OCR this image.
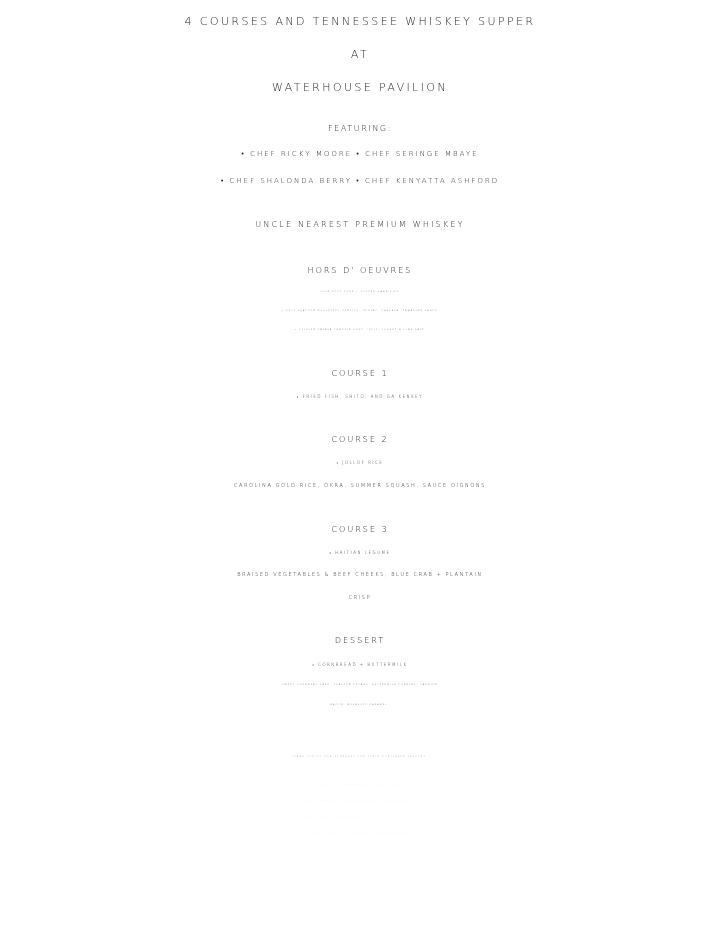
4 COURSES AND TENNESSEE WHISKEY SUPPER
AT
WATERHOUSE PAVILION
FEATURING:
• CHEF RICKY MOORE • CHEF SERINGE MBAYE
• CHEF SHALONDA BERRY • CHEF KENYATTA ASHFORD
UNCLE NEAREST PREMIUM WHISKEY
HORS D' OEUVRES
•OLD SPOT PORK + OYSTER HAND PIES
• GULF SEAFOOD BOULETTES-REDFISH, SHRIMP, CASSAVA, TAMARIND SAUCE
• CHILLED PAPAYA-PUMPKIN SOUP, 'EPIS' YOGURT & LIME SALT
COURSE 1
• FRIED FISH, SHITO, AND GA KENKEY
COURSE 2
• JOLLOF RICE
CAROLINA GOLD RICE, OKRA, SUMMER SQUASH, SAUCE OIGNONS
COURSE 3
• HAITIAN LEGUME
BRAISED VEGETABLES & BEEF CHEEKS, BLUE CRAB + PLANTAIN
CRISP
DESSERT
• CORNBREAD + BUTTERMILK
SWEET CORNMEAL CAKE, TOASTED PECANS, BUTTERMILK PUDDING, CANDIED
BACON, MOLASSES CARAMEL.
THANK YOU TO OUR SPONSORS FOR THEIR CONTINUED SUPPORT.
